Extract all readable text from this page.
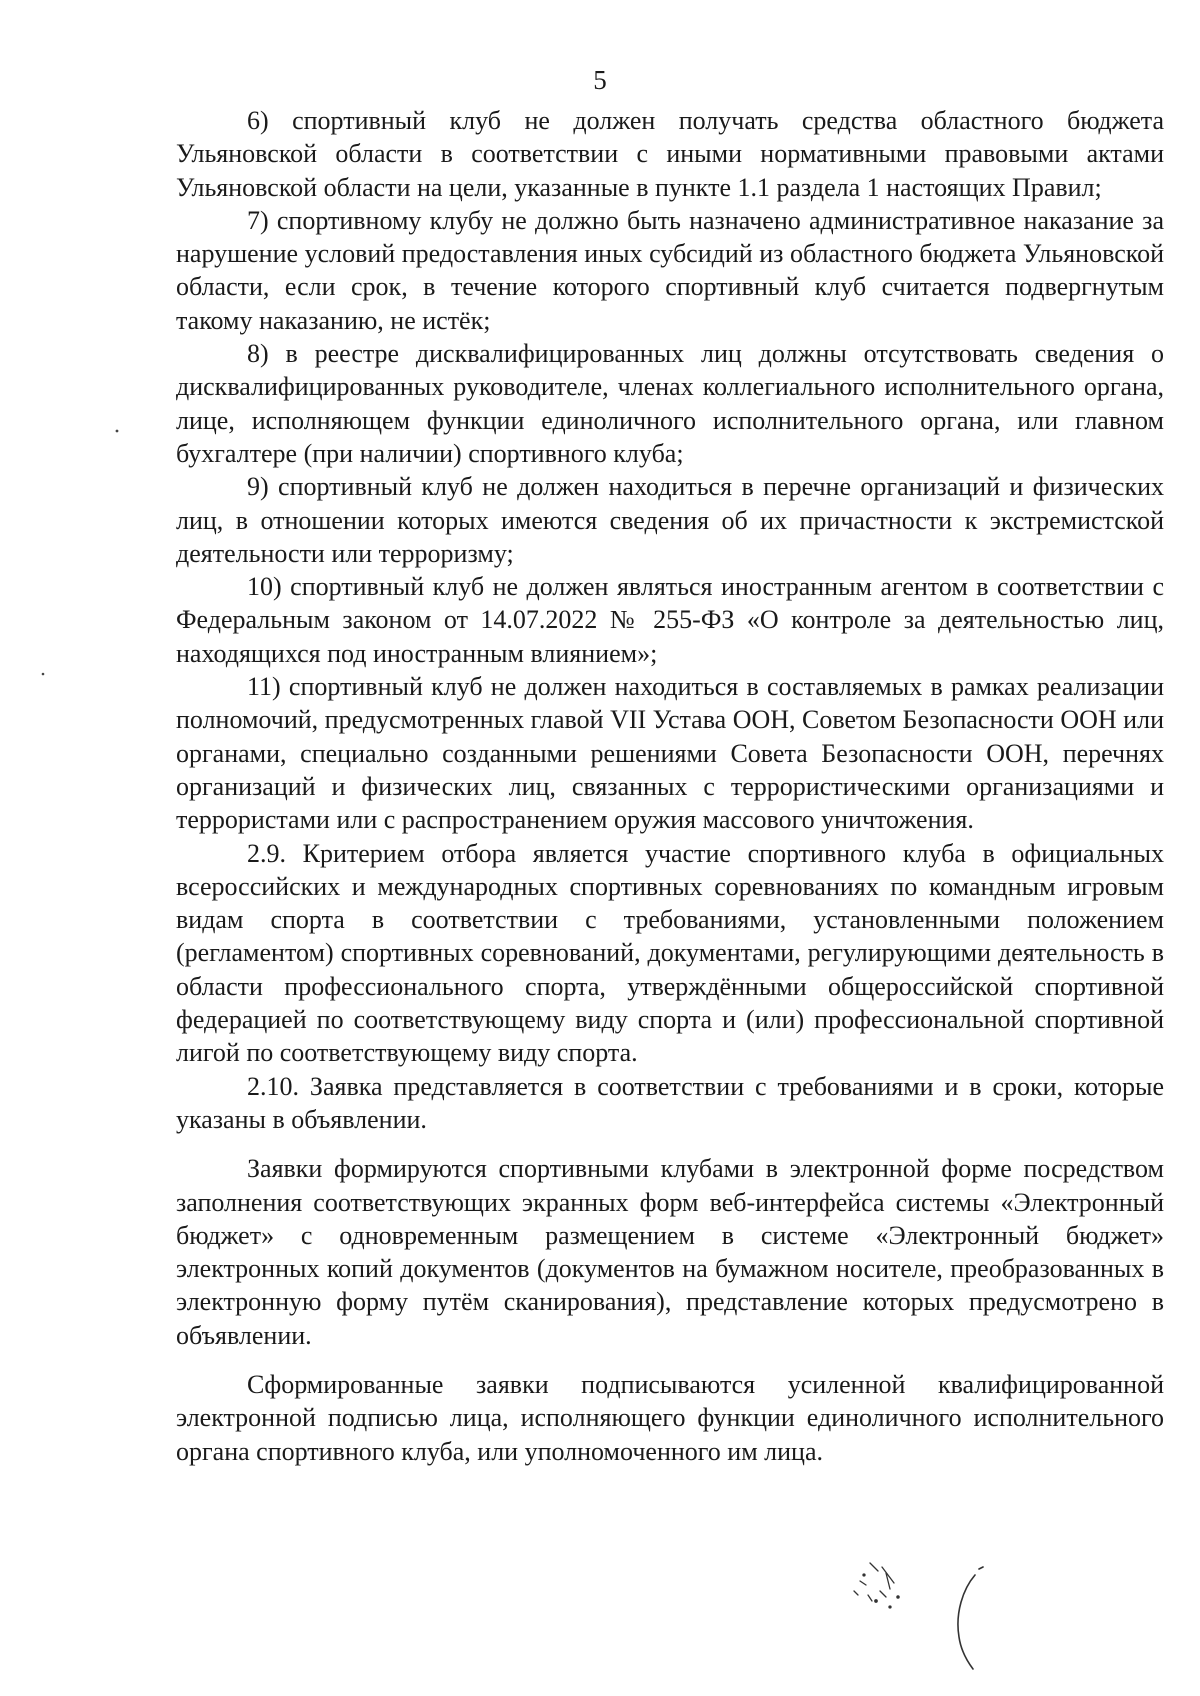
5

6) спортивный клуб не должен получать средства областного бюджета Ульяновской области в соответствии с иными нормативными правовыми актами Ульяновской области на цели, указанные в пункте 1.1 раздела 1 настоящих Правил;

7) спортивному клубу не должно быть назначено административное наказание за нарушение условий предоставления иных субсидий из областного бюджета Ульяновской области, если срок, в течение которого спортивный клуб считается подвергнутым такому наказанию, не истёк;

8) в реестре дисквалифицированных лиц должны отсутствовать сведения о дисквалифицированных руководителе, членах коллегиального исполнительного органа, лице, исполняющем функции единоличного исполнительного органа, или главном бухгалтере (при наличии) спортивного клуба;

9) спортивный клуб не должен находиться в перечне организаций и физических лиц, в отношении которых имеются сведения об их причастности к экстремистской деятельности или терроризму;

10) спортивный клуб не должен являться иностранным агентом в соответствии с Федеральным законом от 14.07.2022 № 255-ФЗ «О контроле за деятельностью лиц, находящихся под иностранным влиянием»;

11) спортивный клуб не должен находиться в составляемых в рамках реализации полномочий, предусмотренных главой VII Устава ООН, Советом Безопасности ООН или органами, специально созданными решениями Совета Безопасности ООН, перечнях организаций и физических лиц, связанных с террористическими организациями и террористами или с распространением оружия массового уничтожения.

2.9. Критерием отбора является участие спортивного клуба в официальных всероссийских и международных спортивных соревнованиях по командным игровым видам спорта в соответствии с требованиями, установленными положением (регламентом) спортивных соревнований, документами, регулирующими деятельность в области профессионального спорта, утверждёнными общероссийской спортивной федерацией по соответствующему виду спорта и (или) профессиональной спортивной лигой по соответствующему виду спорта.

2.10. Заявка представляется в соответствии с требованиями и в сроки, которые указаны в объявлении.

Заявки формируются спортивными клубами в электронной форме посредством заполнения соответствующих экранных форм веб-интерфейса системы «Электронный бюджет» с одновременным размещением в системе «Электронный бюджет» электронных копий документов (документов на бумажном носителе, преобразованных в электронную форму путём сканирования), представление которых предусмотрено в объявлении.

Сформированные заявки подписываются усиленной квалифицированной электронной подписью лица, исполняющего функции единоличного исполнительного органа спортивного клуба, или уполномоченного им лица.
